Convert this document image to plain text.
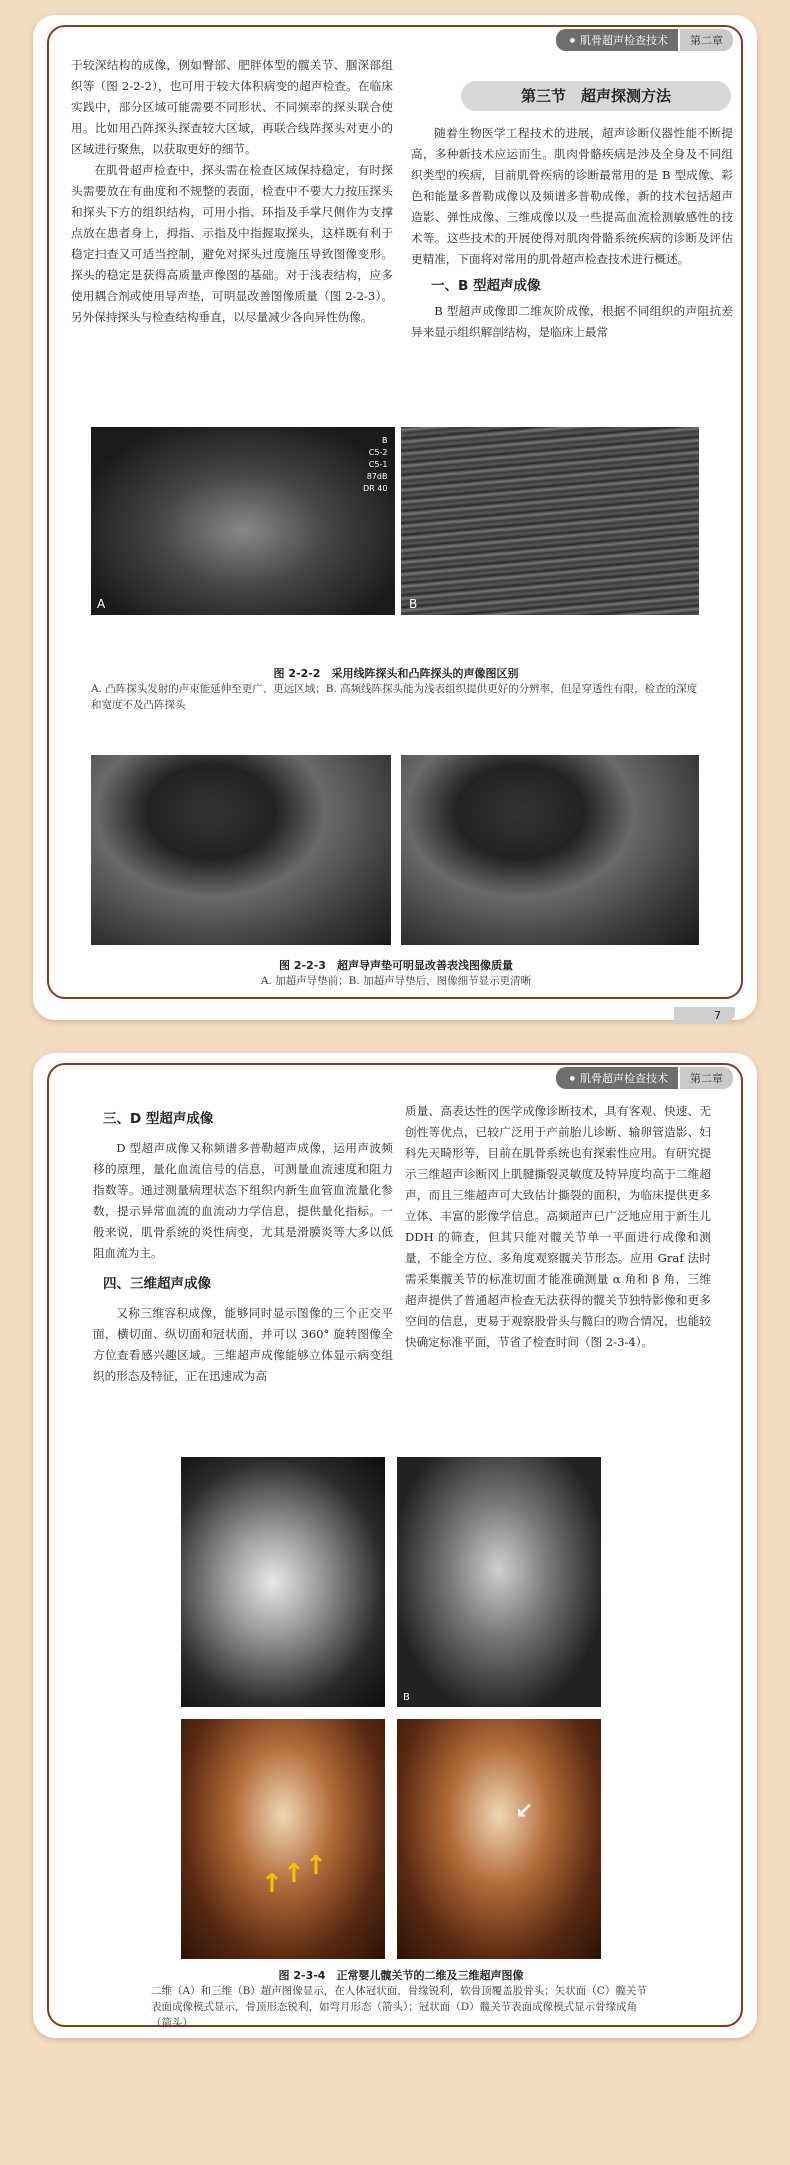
● 肌骨超声检查技术	第二章

于较深结构的成像，例如臀部、肥胖体型的髋关节、腘深部组织等（图 2-2-2），也可用于较大体积病变的超声检查。在临床实践中，部分区域可能需要不同形状、不同频率的探头联合使用。比如用凸阵探头探查较大区域，再联合线阵探头对更小的区域进行聚焦，以获取更好的细节。

在肌骨超声检查中，探头需在检查区域保持稳定，有时探头需要放在有曲度和不规整的表面，检查中不要大力按压探头和探头下方的组织结构，可用小指、环指及手掌尺侧作为支撑点放在患者身上，拇指、示指及中指握取探头，这样既有利于稳定扫查又可适当控制，避免对探头过度施压导致图像变形。探头的稳定是获得高质量声像图的基础。对于浅表结构，应多使用耦合剂或使用导声垫，可明显改善图像质量（图 2-2-3）。另外保持探头与检查结构垂直，以尽量减少各向异性伪像。

第三节　超声探测方法

随着生物医学工程技术的进展，超声诊断仪器性能不断提高，多种新技术应运而生。肌肉骨骼疾病是涉及全身及不同组织类型的疾病，目前肌骨疾病的诊断最常用的是 B 型成像、彩色和能量多普勒成像以及频谱多普勒成像，新的技术包括超声造影、弹性成像、三维成像以及一些提高血流检测敏感性的技术等。这些技术的开展使得对肌肉骨骼系统疾病的诊断及评估更精准，下面将对常用的肌骨超声检查技术进行概述。

一、B 型超声成像

B 型超声成像即二维灰阶成像，根据不同组织的声阻抗差异来显示组织解剖结构，是临床上最常

B
C5-2
C5-1
87dB
DR 40
A	B
图 2-2-2　采用线阵探头和凸阵探头的声像图区别
A. 凸阵探头发射的声束能延伸至更广、更远区域；B. 高频线阵探头能为浅表组织提供更好的分辨率，但是穿透性有限，检查的深度和宽度不及凸阵探头
图 2-2-3　超声导声垫可明显改善表浅图像质量
A. 加超声导垫前；B. 加超声导垫后，图像细节显示更清晰
7
● 肌骨超声检查技术	第二章

三、D 型超声成像

D 型超声成像又称频谱多普勒超声成像，运用声波频移的原理，量化血流信号的信息，可测量血流速度和阻力指数等。通过测量病理状态下组织内新生血管血流量化参数，提示异常血流的血流动力学信息，提供量化指标。一般来说，肌骨系统的炎性病变，尤其是滑膜炎等大多以低阻血流为主。

四、三维超声成像

又称三维容积成像，能够同时显示图像的三个正交平面，横切面、纵切面和冠状面，并可以 360° 旋转图像全方位查看感兴趣区域。三维超声成像能够立体显示病变组织的形态及特征，正在迅速成为高

质量、高表达性的医学成像诊断技术，具有客观、快速、无创性等优点，已较广泛用于产前胎儿诊断、输卵管造影、妇科先天畸形等，目前在肌骨系统也有探索性应用。有研究提示三维超声诊断冈上肌腱撕裂灵敏度及特异度均高于二维超声，而且三维超声可大致估计撕裂的面积，为临床提供更多立体、丰富的影像学信息。高频超声已广泛地应用于新生儿 DDH 的筛查，但其只能对髋关节单一平面进行成像和测量，不能全方位、多角度观察髋关节形态。应用 Graf 法时需采集髋关节的标准切面才能准确测量 α 角和 β 角，三维超声提供了普通超声检查无法获得的髋关节独特影像和更多空间的信息，更易于观察股骨头与髋臼的吻合情况，也能较快确定标准平面，节省了检查时间（图 2-3-4）。

B
↑ ↑ ↑
↙
图 2-3-4　正常婴儿髋关节的二维及三维超声图像
二维（A）和三维（B）超声图像显示，在人体冠状面，骨缘锐利，软骨顶覆盖股骨头；矢状面（C）髋关节表面成像模式显示，骨顶形态锐利，如弯月形态（箭头）；冠状面（D）髋关节表面成像模式显示骨缘成角（箭头）
